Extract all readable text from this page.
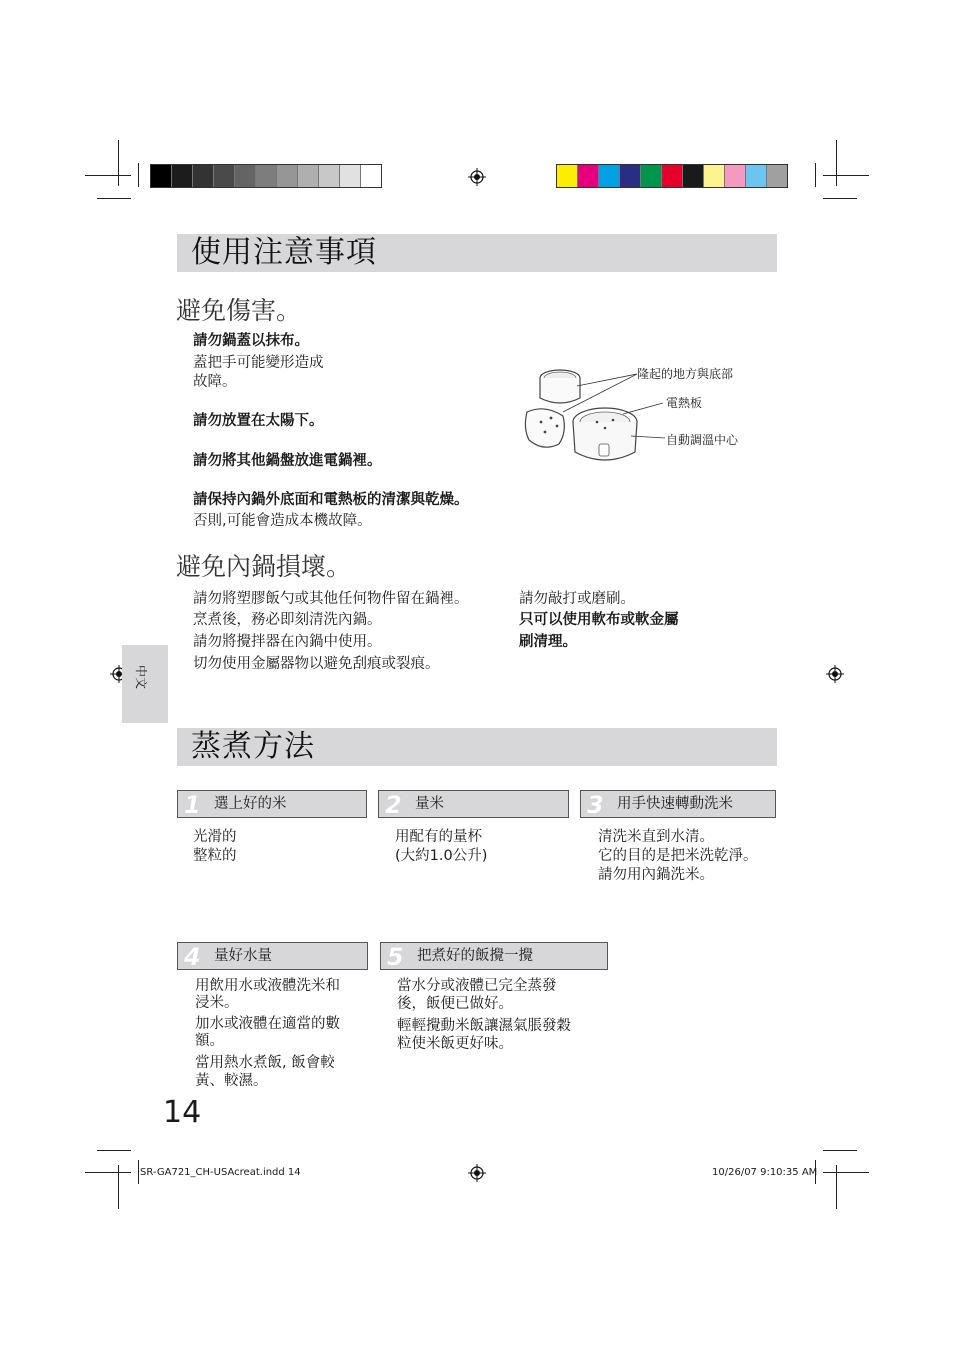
使用注意事項
避免傷害。
請勿鍋蓋以抹布。
蓋把手可能變形造成
故障。
請勿放置在太陽下。
請勿將其他鍋盤放進電鍋裡。
請保持內鍋外底面和電熱板的清潔與乾燥。
否則,可能會造成本機故障。
隆起的地方與底部
電熱板
自動調溫中心
避免內鍋損壞。
請勿將塑膠飯勺或其他任何物件留在鍋裡。
烹煮後，務必即刻清洗內鍋。
請勿將攪拌器在內鍋中使用。
切勿使用金屬器物以避免刮痕或裂痕。
請勿敲打或磨刷。
只可以使用軟布或軟金屬
刷清理。
中文
蒸煮方法
1 選上好的米	2 量米	3 用手快速轉動洗米
光滑的
整粒的
用配有的量杯
(大約1.0公升)
清洗米直到水清。
它的目的是把米洗乾淨。
請勿用內鍋洗米。
4 量好水量	5 把煮好的飯攪一攪
用飲用水或液體洗米和
浸米。
加水或液體在適當的數
額。
當用熱水煮飯, 飯會較
黃、較濕。
當水分或液體已完全蒸發
後，飯便已做好。
輕輕攪動米飯讓濕氣脹發穀
粒使米飯更好味。
14
SR-GA721_CH-USAcreat.indd 14	10/26/07 9:10:35 AM
